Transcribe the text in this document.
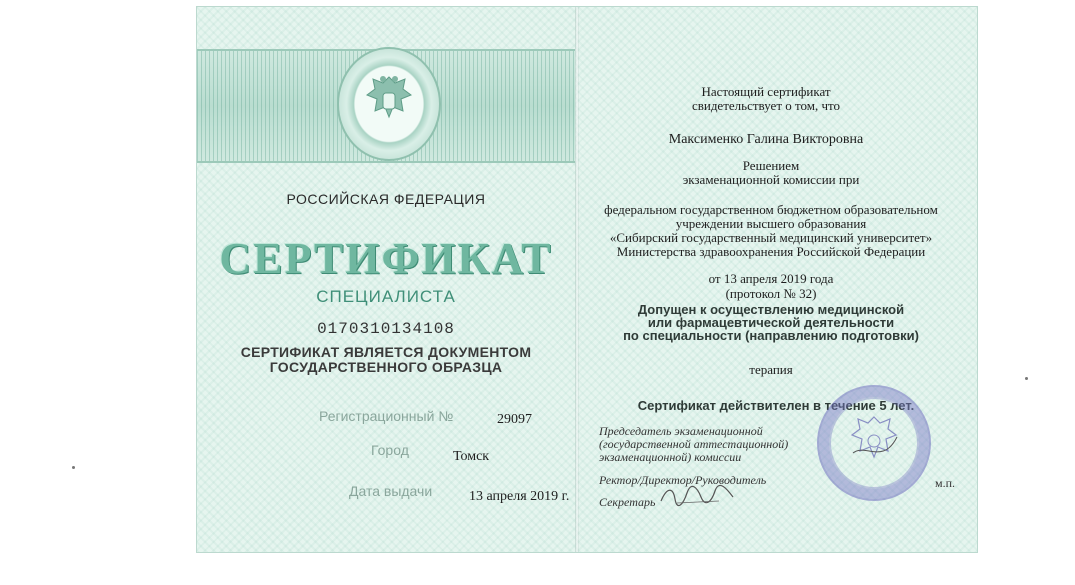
РОССИЙСКАЯ ФЕДЕРАЦИЯ
СЕРТИФИКАТ
СПЕЦИАЛИСТА
0170310134108
СЕРТИФИКАТ ЯВЛЯЕТСЯ ДОКУМЕНТОМ
ГОСУДАРСТВЕННОГО ОБРАЗЦА
Регистрационный №	29097
Город	Томск
Дата выдачи	13 апреля 2019 г.
Настоящий сертификат
свидетельствует о том, что
Максименко Галина Викторовна
Решением
экзаменационной комиссии при
федеральном государственном бюджетном образовательном
учреждении высшего образования
«Сибирский государственный медицинский университет»
Министерства здравоохранения Российской Федерации
от 13 апреля 2019 года
(протокол № 32)
Допущен к осуществлению медицинской
или фармацевтической деятельности
по специальности (направлению подготовки)
терапия
Сертификат действителен в течение 5 лет.
Председатель экзаменационной
(государственной аттестационной)
экзаменационной) комиссии
Ректор/Директор/Руководитель
Секретарь
м.п.
